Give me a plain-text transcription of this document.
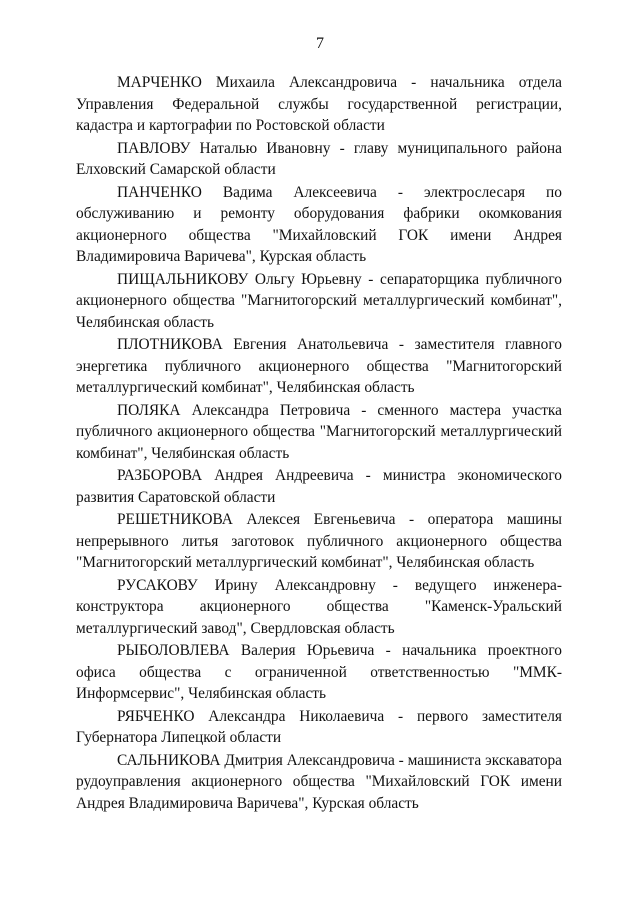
7

МАРЧЕНКО Михаила Александровича - начальника отдела Управления Федеральной службы государственной регистрации, кадастра и картографии по Ростовской области

ПАВЛОВУ Наталью Ивановну - главу муниципального района Елховский Самарской области

ПАНЧЕНКО Вадима Алексеевича - электрослесаря по обслуживанию и ремонту оборудования фабрики окомкования акционерного общества "Михайловский ГОК имени Андрея Владимировича Варичева", Курская область

ПИЩАЛЬНИКОВУ Ольгу Юрьевну - сепараторщика публичного акционерного общества "Магнитогорский металлургический комбинат", Челябинская область

ПЛОТНИКОВА Евгения Анатольевича - заместителя главного энергетика публичного акционерного общества "Магнитогорский металлургический комбинат", Челябинская область

ПОЛЯКА Александра Петровича - сменного мастера участка публичного акционерного общества "Магнитогорский металлургический комбинат", Челябинская область

РАЗБОРОВА Андрея Андреевича - министра экономического развития Саратовской области

РЕШЕТНИКОВА Алексея Евгеньевича - оператора машины непрерывного литья заготовок публичного акционерного общества "Магнитогорский металлургический комбинат", Челябинская область

РУСАКОВУ Ирину Александровну - ведущего инженера-конструктора акционерного общества "Каменск-Уральский металлургический завод", Свердловская область

РЫБОЛОВЛЕВА Валерия Юрьевича - начальника проектного офиса общества с ограниченной ответственностью "ММК-Информсервис", Челябинская область

РЯБЧЕНКО Александра Николаевича - первого заместителя Губернатора Липецкой области

САЛЬНИКОВА Дмитрия Александровича - машиниста экскаватора рудоуправления акционерного общества "Михайловский ГОК имени Андрея Владимировича Варичева", Курская область
